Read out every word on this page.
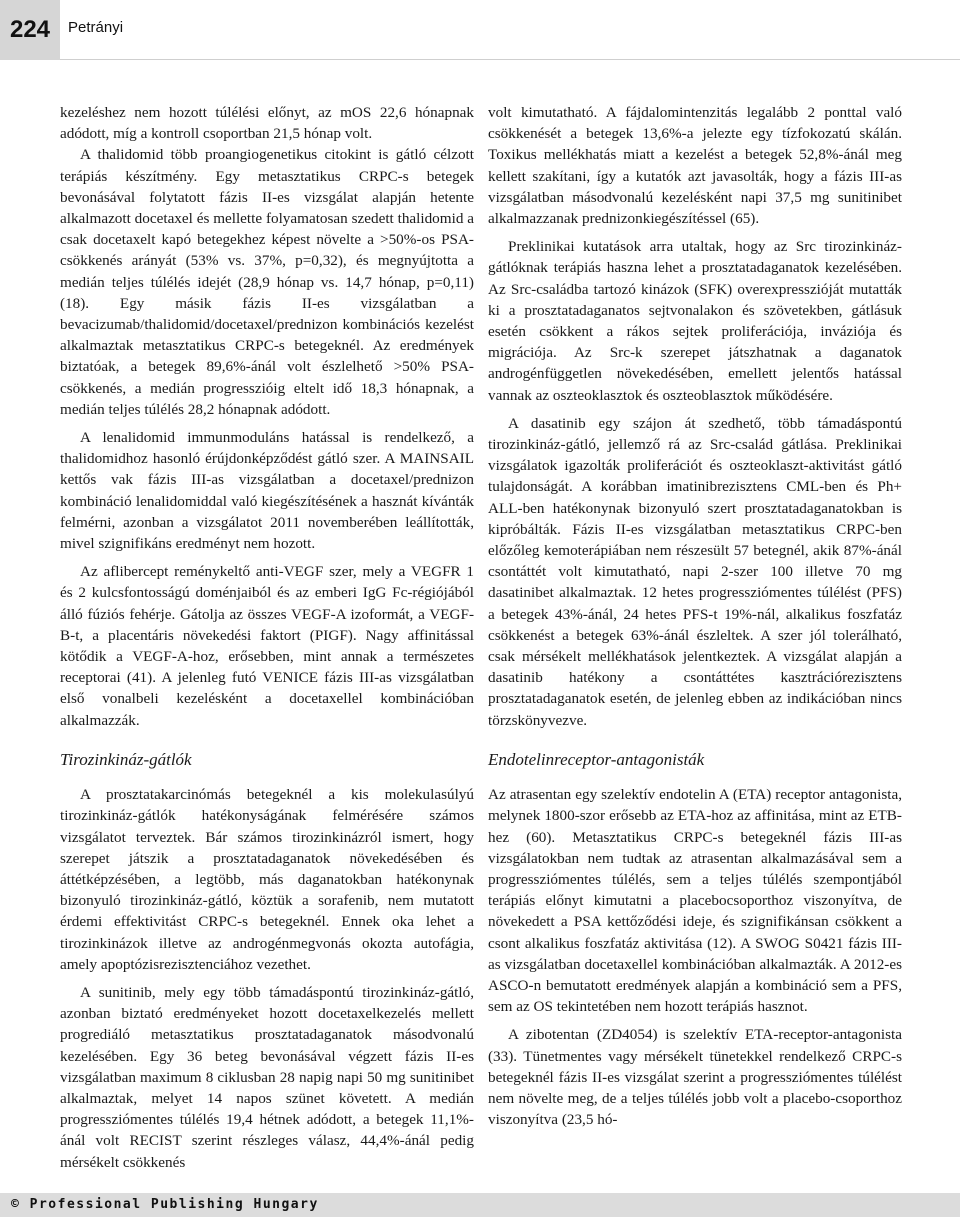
224 Petrányi

kezeléshez nem hozott túlélési előnyt, az mOS 22,6 hónapnak adódott, míg a kontroll csoportban 21,5 hónap volt.

A thalidomid több proangiogenetikus citokint is gátló célzott terápiás készítmény. Egy metasztatikus CRPC-s betegek bevonásával folytatott fázis II-es vizsgálat alapján hetente alkalmazott docetaxel és mellette folyamatosan szedett thalidomid a csak docetaxelt kapó betegekhez képest növelte a >50%-os PSA-csökkenés arányát (53% vs. 37%, p=0,32), és megnyújtotta a medián teljes túlélés idejét (28,9 hónap vs. 14,7 hónap, p=0,11) (18). Egy másik fázis II-es vizsgálatban a bevacizumab/thalidomid/docetaxel/prednizon kombinációs kezelést alkalmaztak metasztatikus CRPC-s betegeknél. Az eredmények biztatóak, a betegek 89,6%-ánál volt észlelhető >50% PSA-csökkenés, a medián progresszióig eltelt idő 18,3 hónapnak, a medián teljes túlélés 28,2 hónapnak adódott.

A lenalidomid immunmoduláns hatással is rendelkező, a thalidomidhoz hasonló érújdonképződést gátló szer. A MAINSAIL kettős vak fázis III-as vizsgálatban a docetaxel/prednizon kombináció lenalidomiddal való kiegészítésének a hasznát kívánták felmérni, azonban a vizsgálatot 2011 novemberében leállították, mivel szignifikáns eredményt nem hozott.

Az aflibercept reménykeltő anti-VEGF szer, mely a VEGFR 1 és 2 kulcsfontosságú doménjaiból és az emberi IgG Fc-régiójából álló fúziós fehérje. Gátolja az összes VEGF-A izoformát, a VEGF-B-t, a placentáris növekedési faktort (PIGF). Nagy affinitással kötődik a VEGF-A-hoz, erősebben, mint annak a természetes receptorai (41). A jelenleg futó VENICE fázis III-as vizsgálatban első vonalbeli kezelésként a docetaxellel kombinációban alkalmazzák.

Tirozinkináz-gátlók

A prosztatakarcinómás betegeknél a kis molekulasúlyú tirozinkináz-gátlók hatékonyságának felmérésére számos vizsgálatot terveztek. Bár számos tirozinkinázról ismert, hogy szerepet játszik a prosztatadaganatok növekedésében és áttétképzésében, a legtöbb, más daganatokban hatékonynak bizonyuló tirozinkináz-gátló, köztük a sorafenib, nem mutatott érdemi effektivitást CRPC-s betegeknél. Ennek oka lehet a tirozinkinázok illetve az androgénmegvonás okozta autofágia, amely apoptózisrezisztenciához vezethet.

A sunitinib, mely egy több támadáspontú tirozinkináz-gátló, azonban biztató eredményeket hozott docetaxelkezelés mellett progrediáló metasztatikus prosztatadaganatok másodvonalú kezelésében. Egy 36 beteg bevonásával végzett fázis II-es vizsgálatban maximum 8 ciklusban 28 napig napi 50 mg sunitinibet alkalmaztak, melyet 14 napos szünet követett. A medián progressziómentes túlélés 19,4 hétnek adódott, a betegek 11,1%-ánál volt RECIST szerint részleges válasz, 44,4%-ánál pedig mérsékelt csökkenés

volt kimutatható. A fájdalomintenzitás legalább 2 ponttal való csökkenését a betegek 13,6%-a jelezte egy tízfokozatú skálán. Toxikus mellékhatás miatt a kezelést a betegek 52,8%-ánál meg kellett szakítani, így a kutatók azt javasolták, hogy a fázis III-as vizsgálatban másodvonalú kezelésként napi 37,5 mg sunitinibet alkalmazzanak prednizonkiegészítéssel (65).

Preklinikai kutatások arra utaltak, hogy az Src tirozinkináz-gátlóknak terápiás haszna lehet a prosztatadaganatok kezelésében. Az Src-családba tartozó kinázok (SFK) overexpresszióját mutatták ki a prosztatadaganatos sejtvonalakon és szövetekben, gátlásuk esetén csökkent a rákos sejtek proliferációja, inváziója és migrációja. Az Src-k szerepet játszhatnak a daganatok androgénfüggetlen növekedésében, emellett jelentős hatással vannak az oszteoklasztok és oszteoblasztok működésére.

A dasatinib egy szájon át szedhető, több támadáspontú tirozinkináz-gátló, jellemző rá az Src-család gátlása. Preklinikai vizsgálatok igazolták proliferációt és oszteoklaszt-aktivitást gátló tulajdonságát. A korábban imatinibrezisztens CML-ben és Ph+ ALL-ben hatékonynak bizonyuló szert prosztatadaganatokban is kipróbálták. Fázis II-es vizsgálatban metasztatikus CRPC-ben előzőleg kemoterápiában nem részesült 57 betegnél, akik 87%-ánál csontáttét volt kimutatható, napi 2-szer 100 illetve 70 mg dasatinibet alkalmaztak. 12 hetes progressziómentes túlélést (PFS) a betegek 43%-ánál, 24 hetes PFS-t 19%-nál, alkalikus foszfatáz csökkenést a betegek 63%-ánál észleltek. A szer jól tolerálható, csak mérsékelt mellékhatások jelentkeztek. A vizsgálat alapján a dasatinib hatékony a csontáttétes kasztrációrezisztens prosztatadaganatok esetén, de jelenleg ebben az indikációban nincs törzskönyvezve.

Endotelinreceptor-antagonisták

Az atrasentan egy szelektív endotelin A (ETA) receptor antagonista, melynek 1800-szor erősebb az ETA-hoz az affinitása, mint az ETB-hez (60). Metasztatikus CRPC-s betegeknél fázis III-as vizsgálatokban nem tudtak az atrasentan alkalmazásával sem a progressziómentes túlélés, sem a teljes túlélés szempontjából terápiás előnyt kimutatni a placebocsoporthoz viszonyítva, de növekedett a PSA kettőződési ideje, és szignifikánsan csökkent a csont alkalikus foszfatáz aktivitása (12). A SWOG S0421 fázis III-as vizsgálatban docetaxellel kombinációban alkalmazták. A 2012-es ASCO-n bemutatott eredmények alapján a kombináció sem a PFS, sem az OS tekintetében nem hozott terápiás hasznot.

A zibotentan (ZD4054) is szelektív ETA-receptor-antagonista (33). Tünetmentes vagy mérsékelt tünetekkel rendelkező CRPC-s betegeknél fázis II-es vizsgálat szerint a progressziómentes túlélést nem növelte meg, de a teljes túlélés jobb volt a placebo-csoporthoz viszonyítva (23,5 hó-

© Professional Publishing Hungary
